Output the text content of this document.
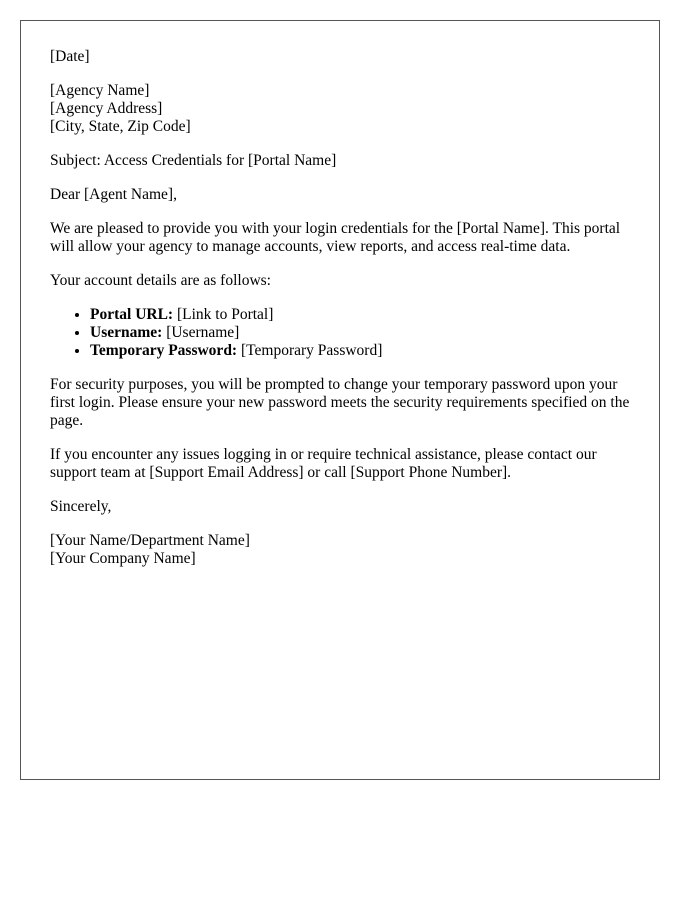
[Date]

[Agency Name]

[Agency Address]

[City, State, Zip Code]

Subject: Access Credentials for [Portal Name]

Dear [Agent Name],

We are pleased to provide you with your login credentials for the [Portal Name]. This portal will allow your agency to manage accounts, view reports, and access real-time data.

Your account details are as follows:

• Portal URL: [Link to Portal]
• Username: [Username]
• Temporary Password: [Temporary Password]

For security purposes, you will be prompted to change your temporary password upon your first login. Please ensure your new password meets the security requirements specified on the page.

If you encounter any issues logging in or require technical assistance, please contact our support team at [Support Email Address] or call [Support Phone Number].

Sincerely,

[Your Name/Department Name]

[Your Company Name]
